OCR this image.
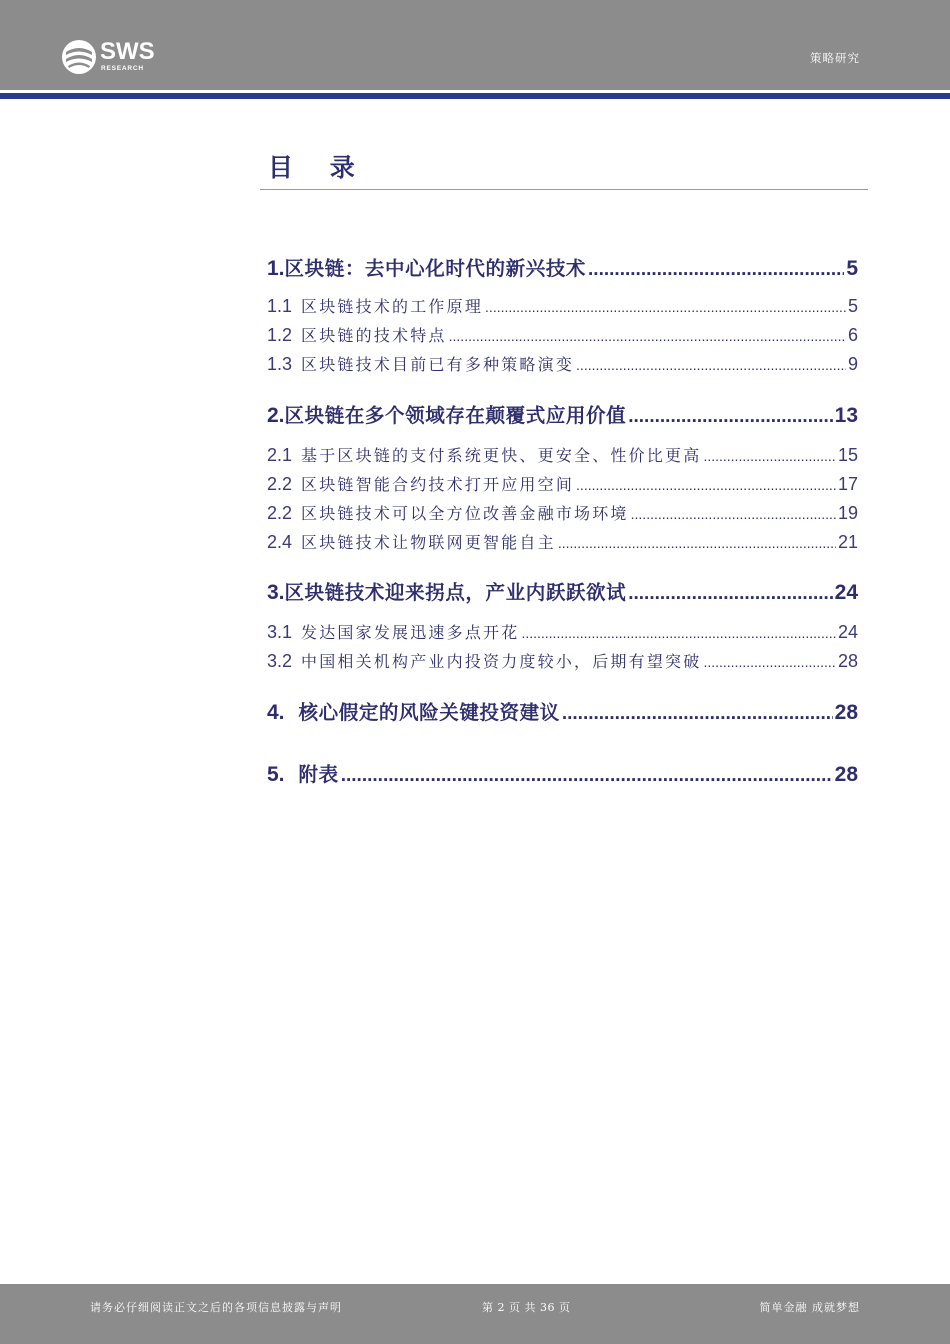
SWS
RESEARCH
策略研究
目 录
1. 区块链：去中心化时代的新兴技术 .....	5
1.1 区块链技术的工作原理 .....	5
1.2 区块链的技术特点 .....	6
1.3 区块链技术目前已有多种策略演变 .....	9
2. 区块链在多个领域存在颠覆式应用价值 .....	13
2.1 基于区块链的支付系统更快、更安全、性价比更高 .....	15
2.2 区块链智能合约技术打开应用空间 .....	17
2.2 区块链技术可以全方位改善金融市场环境 .....	19
2.4 区块链技术让物联网更智能自主 .....	21
3. 区块链技术迎来拐点，产业内跃跃欲试 .....	24
3.1 发达国家发展迅速多点开花 .....	24
3.2 中国相关机构产业内投资力度较小，后期有望突破 .....	28
4. 核心假定的风险关键投资建议 .....	28
5. 附表 .....	28
请务必仔细阅读正文之后的各项信息披露与声明	第 2 页 共 36 页	简单金融 成就梦想
